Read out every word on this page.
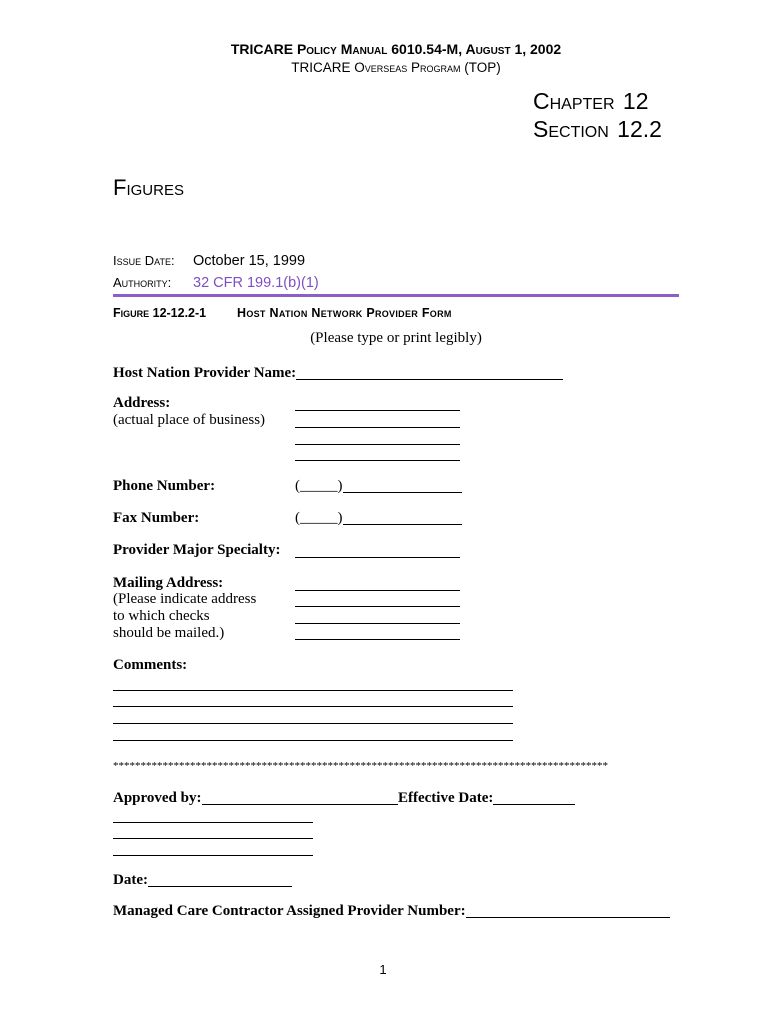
TRICARE Policy Manual 6010.54-M, August 1, 2002
TRICARE Overseas Program (TOP)
Chapter 12
Section 12.2
Figures
Issue Date:	October 15, 1999
Authority:	32 CFR 199.1(b)(1)
Figure 12-12.2-1 Host Nation Network Provider Form
(Please type or print legibly)
Host Nation Provider Name:
Address:
(actual place of business)
Phone Number:	(_____)
Fax Number:	(_____)
Provider Major Specialty:
Mailing Address:
(Please indicate address
to which checks
should be mailed.)
Comments:
******************************************************************************************
Approved by:	Effective Date:
Date:
Managed Care Contractor Assigned Provider Number:
1
